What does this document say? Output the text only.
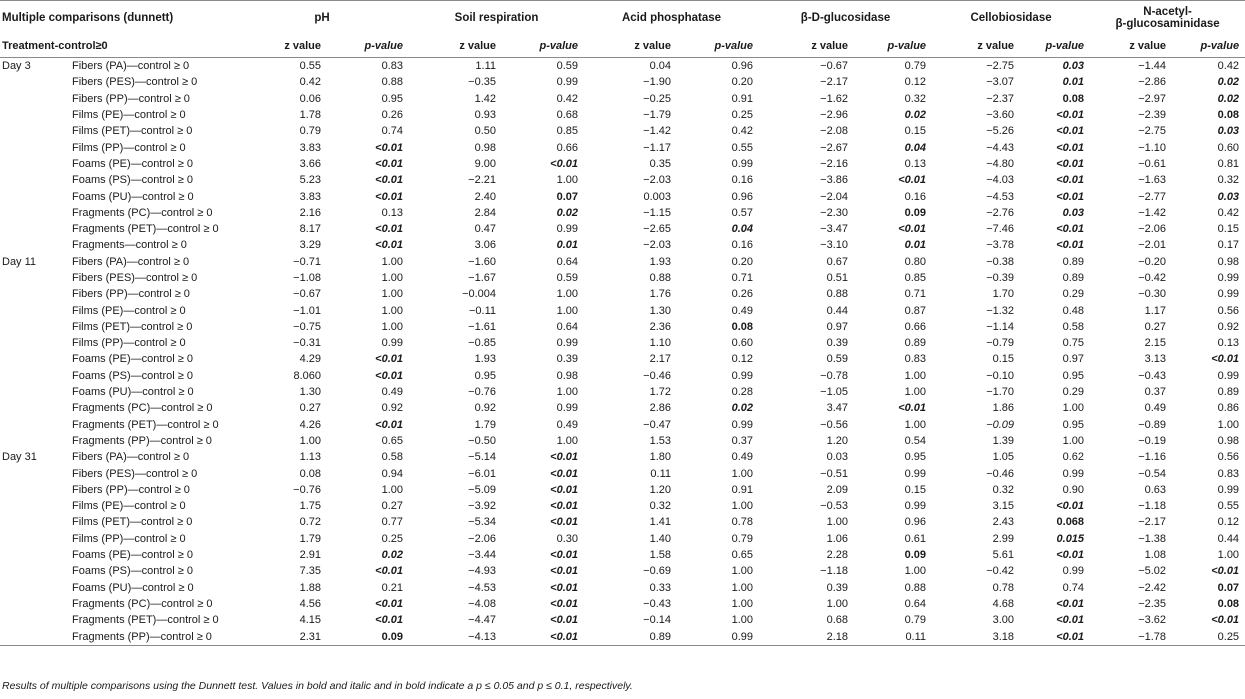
Multiple comparisons (dunnett)		pH		Soil respiration		Acid phosphatase		β-D-glucosidase		Cellobiosidase		N-acetyl-
β-glucosaminidase	

Treatment-control≥0		z value	p-value	z value	p-value	z value	p-value	z value	p-value	z value	p-value	z value	p-value
Day 3	Fibers (PA)—control ≥ 0	0.55	0.83	1.11	0.59	0.04	0.96	−0.67	0.79	−2.75	0.03	−1.44	0.42
	Fibers (PES)—control ≥ 0	0.42	0.88	−0.35	0.99	−1.90	0.20	−2.17	0.12	−3.07	0.01	−2.86	0.02
	Fibers (PP)—control ≥ 0	0.06	0.95	1.42	0.42	−0.25	0.91	−1.62	0.32	−2.37	0.08	−2.97	0.02
	Films (PE)—control ≥ 0	1.78	0.26	0.93	0.68	−1.79	0.25	−2.96	0.02	−3.60	<0.01	−2.39	0.08
	Films (PET)—control ≥ 0	0.79	0.74	0.50	0.85	−1.42	0.42	−2.08	0.15	−5.26	<0.01	−2.75	0.03
	Films (PP)—control ≥ 0	3.83	<0.01	0.98	0.66	−1.17	0.55	−2.67	0.04	−4.43	<0.01	−1.10	0.60
	Foams (PE)—control ≥ 0	3.66	<0.01	9.00	<0.01	0.35	0.99	−2.16	0.13	−4.80	<0.01	−0.61	0.81
	Foams (PS)—control ≥ 0	5.23	<0.01	−2.21	1.00	−2.03	0.16	−3.86	<0.01	−4.03	<0.01	−1.63	0.32
	Foams (PU)—control ≥ 0	3.83	<0.01	2.40	0.07	0.003	0.96	−2.04	0.16	−4.53	<0.01	−2.77	0.03
	Fragments (PC)—control ≥ 0	2.16	0.13	2.84	0.02	−1.15	0.57	−2.30	0.09	−2.76	0.03	−1.42	0.42
	Fragments (PET)—control ≥ 0	8.17	<0.01	0.47	0.99	−2.65	0.04	−3.47	<0.01	−7.46	<0.01	−2.06	0.15
	Fragments—control ≥ 0	3.29	<0.01	3.06	0.01	−2.03	0.16	−3.10	0.01	−3.78	<0.01	−2.01	0.17
Day 11	Fibers (PA)—control ≥ 0	−0.71	1.00	−1.60	0.64	1.93	0.20	0.67	0.80	−0.38	0.89	−0.20	0.98
	Fibers (PES)—control ≥ 0	−1.08	1.00	−1.67	0.59	0.88	0.71	0.51	0.85	−0.39	0.89	−0.42	0.99
	Fibers (PP)—control ≥ 0	−0.67	1.00	−0.004	1.00	1.76	0.26	0.88	0.71	1.70	0.29	−0.30	0.99
	Films (PE)—control ≥ 0	−1.01	1.00	−0.11	1.00	1.30	0.49	0.44	0.87	−1.32	0.48	1.17	0.56
	Films (PET)—control ≥ 0	−0.75	1.00	−1.61	0.64	2.36	0.08	0.97	0.66	−1.14	0.58	0.27	0.92
	Films (PP)—control ≥ 0	−0.31	0.99	−0.85	0.99	1.10	0.60	0.39	0.89	−0.79	0.75	2.15	0.13
	Foams (PE)—control ≥ 0	4.29	<0.01	1.93	0.39	2.17	0.12	0.59	0.83	0.15	0.97	3.13	<0.01
	Foams (PS)—control ≥ 0	8.060	<0.01	0.95	0.98	−0.46	0.99	−0.78	1.00	−0.10	0.95	−0.43	0.99
	Foams (PU)—control ≥ 0	1.30	0.49	−0.76	1.00	1.72	0.28	−1.05	1.00	−1.70	0.29	0.37	0.89
	Fragments (PC)—control ≥ 0	0.27	0.92	0.92	0.99	2.86	0.02	3.47	<0.01	1.86	1.00	0.49	0.86
	Fragments (PET)—control ≥ 0	4.26	<0.01	1.79	0.49	−0.47	0.99	−0.56	1.00	−0.09	0.95	−0.89	1.00
	Fragments (PP)—control ≥ 0	1.00	0.65	−0.50	1.00	1.53	0.37	1.20	0.54	1.39	1.00	−0.19	0.98
Day 31	Fibers (PA)—control ≥ 0	1.13	0.58	−5.14	<0.01	1.80	0.49	0.03	0.95	1.05	0.62	−1.16	0.56
	Fibers (PES)—control ≥ 0	0.08	0.94	−6.01	<0.01	0.11	1.00	−0.51	0.99	−0.46	0.99	−0.54	0.83
	Fibers (PP)—control ≥ 0	−0.76	1.00	−5.09	<0.01	1.20	0.91	2.09	0.15	0.32	0.90	0.63	0.99
	Films (PE)—control ≥ 0	1.75	0.27	−3.92	<0.01	0.32	1.00	−0.53	0.99	3.15	<0.01	−1.18	0.55
	Films (PET)—control ≥ 0	0.72	0.77	−5.34	<0.01	1.41	0.78	1.00	0.96	2.43	0.068	−2.17	0.12
	Films (PP)—control ≥ 0	1.79	0.25	−2.06	0.30	1.40	0.79	1.06	0.61	2.99	0.015	−1.38	0.44
	Foams (PE)—control ≥ 0	2.91	0.02	−3.44	<0.01	1.58	0.65	2.28	0.09	5.61	<0.01	1.08	1.00
	Foams (PS)—control ≥ 0	7.35	<0.01	−4.93	<0.01	−0.69	1.00	−1.18	1.00	−0.42	0.99	−5.02	<0.01
	Foams (PU)—control ≥ 0	1.88	0.21	−4.53	<0.01	0.33	1.00	0.39	0.88	0.78	0.74	−2.42	0.07
	Fragments (PC)—control ≥ 0	4.56	<0.01	−4.08	<0.01	−0.43	1.00	1.00	0.64	4.68	<0.01	−2.35	0.08
	Fragments (PET)—control ≥ 0	4.15	<0.01	−4.47	<0.01	−0.14	1.00	0.68	0.79	3.00	<0.01	−3.62	<0.01
	Fragments (PP)—control ≥ 0	2.31	0.09	−4.13	<0.01	0.89	0.99	2.18	0.11	3.18	<0.01	−1.78	0.25
Results of multiple comparisons using the Dunnett test. Values in bold and italic and in bold indicate a p ≤ 0.05 and p ≤ 0.1, respectively.
